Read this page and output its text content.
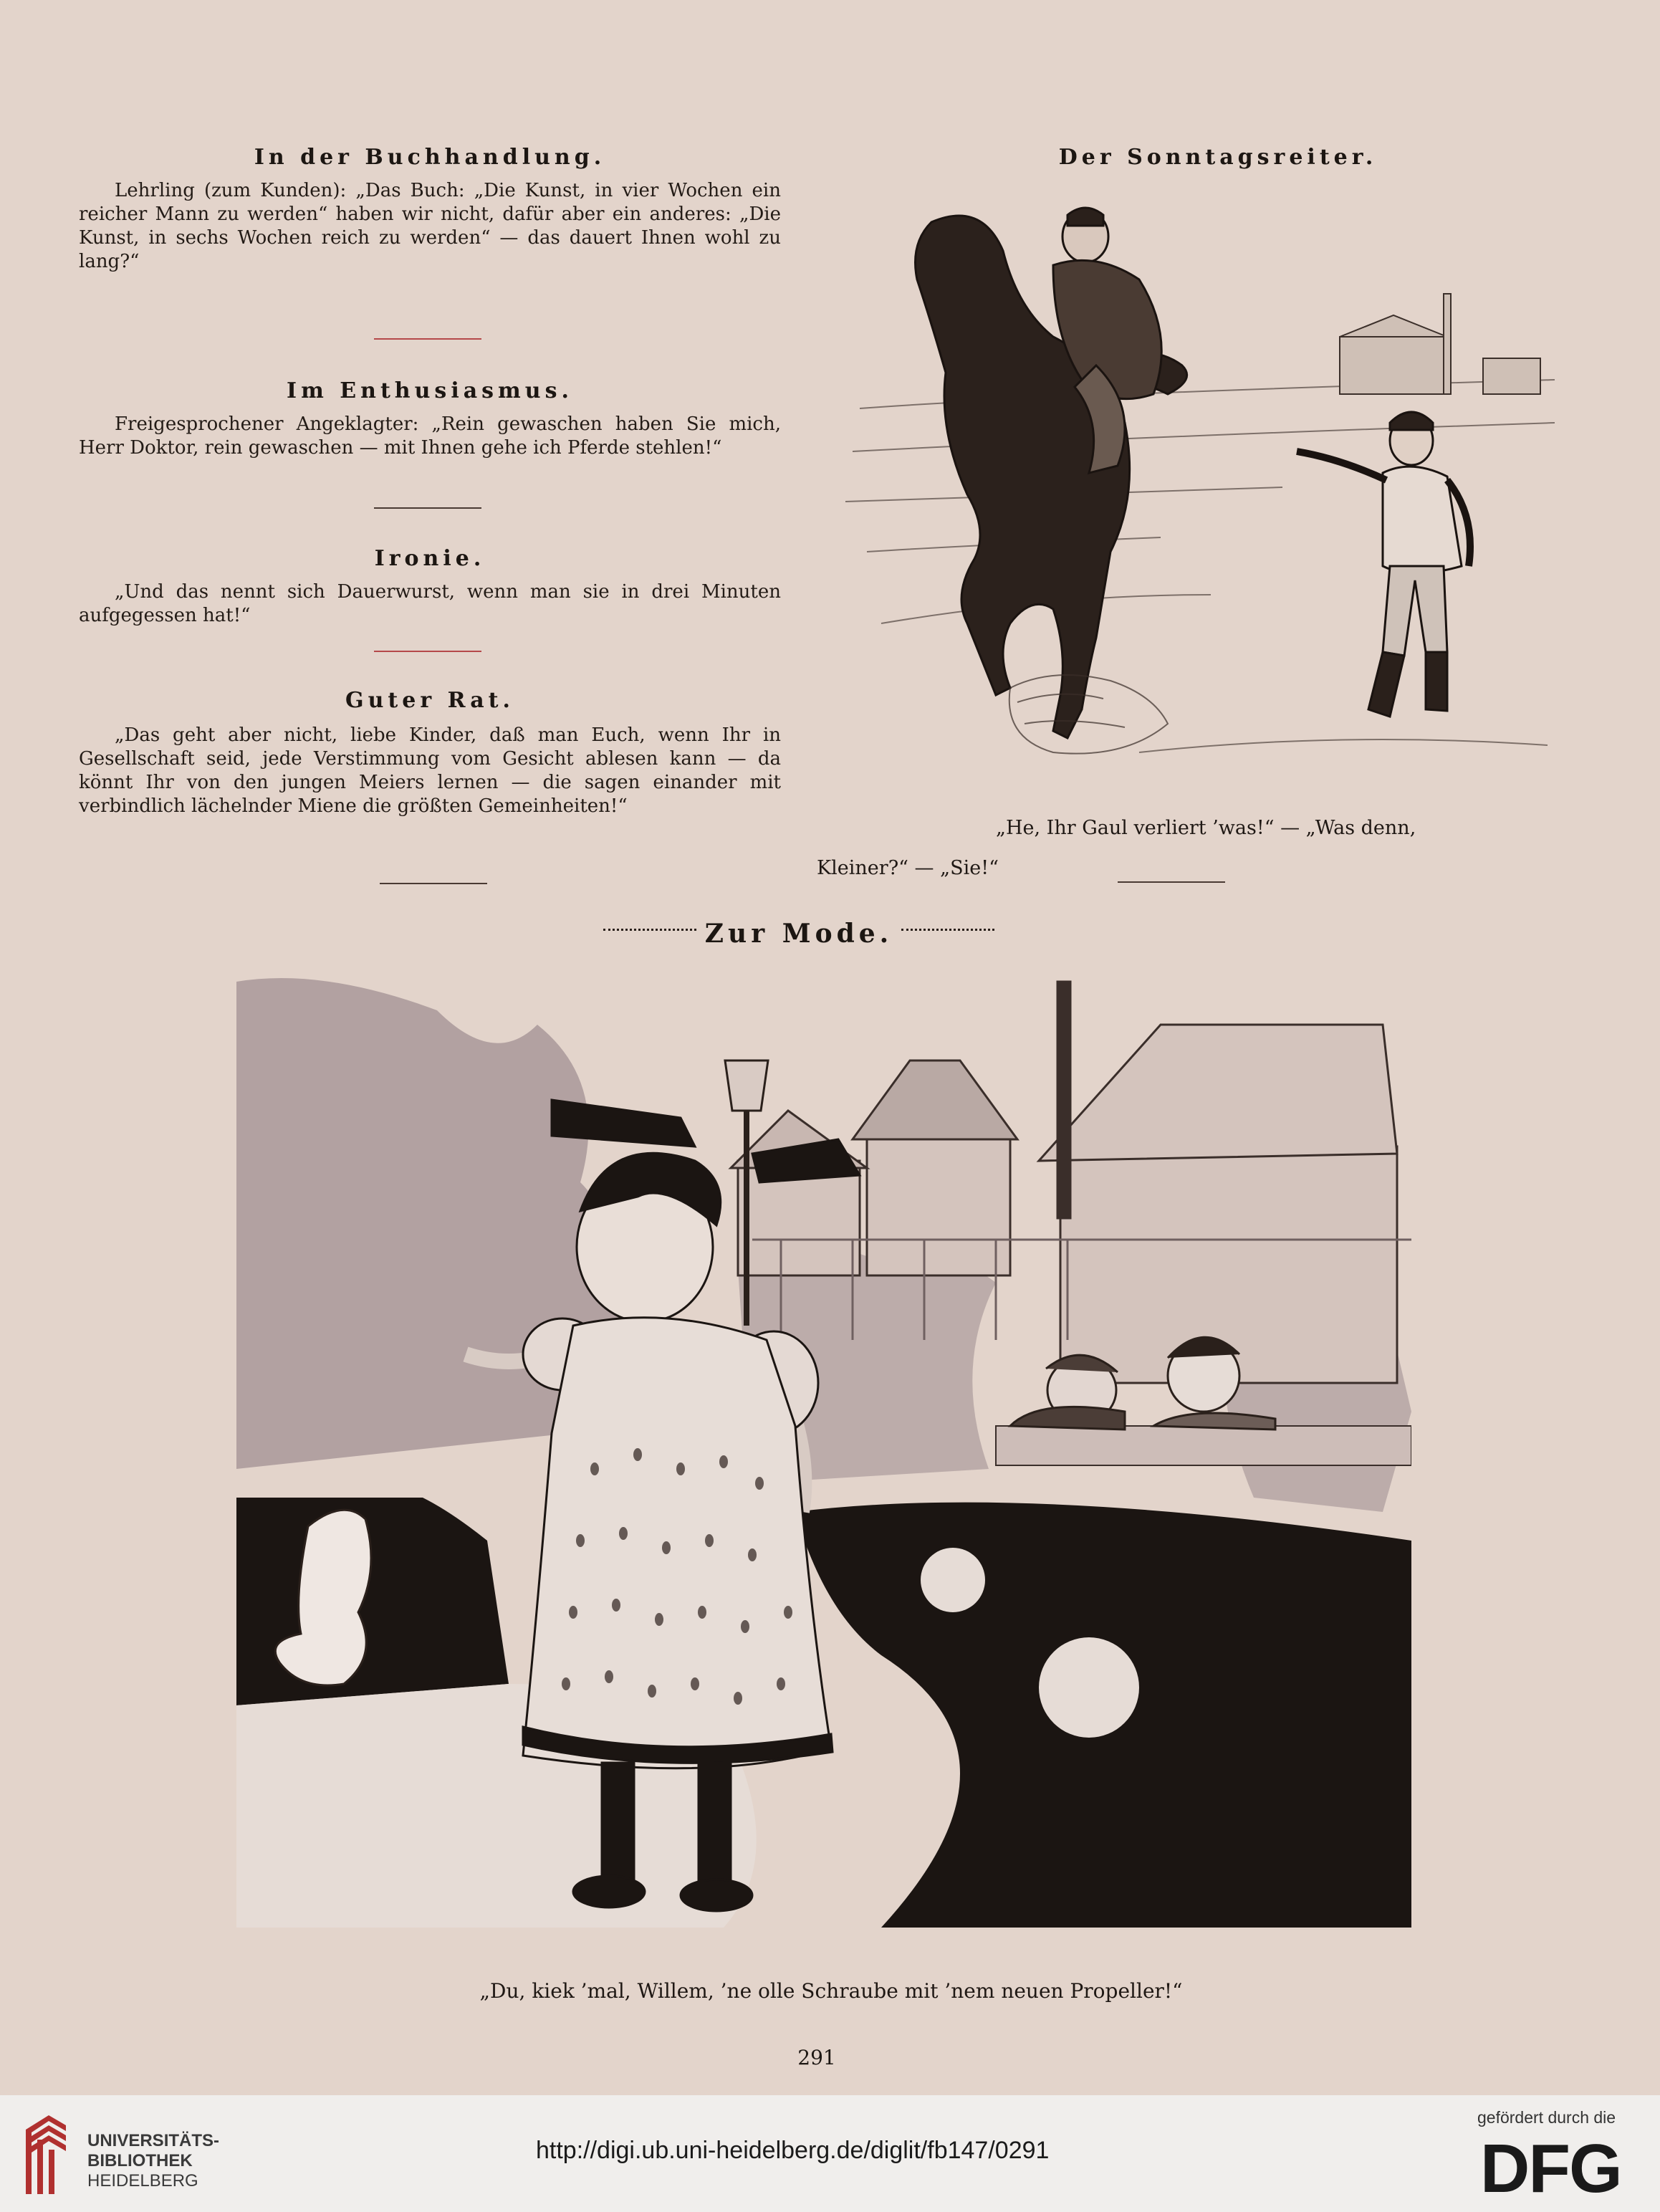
In der Buchhandlung.
Lehrling (zum Kunden): „Das Buch: „Die Kunst, in vier Wochen ein reicher Mann zu werden“ haben wir nicht, dafür aber ein anderes: „Die Kunst, in sechs Wochen reich zu werden“ — das dauert Ihnen wohl zu lang?“
Im Enthusiasmus.
Freigesprochener Angeklagter: „Rein gewaschen haben Sie mich, Herr Doktor, rein gewaschen — mit Ihnen gehe ich Pferde stehlen!“
Ironie.
„Und das nennt sich Dauerwurst, wenn man sie in drei Minuten aufgegessen hat!“
Guter Rat.
„Das geht aber nicht, liebe Kinder, daß man Euch, wenn Ihr in Gesellschaft seid, jede Verstimmung vom Gesicht ablesen kann — da könnt Ihr von den jungen Meiers lernen — die sagen einander mit verbindlich lächelnder Miene die größten Gemeinheiten!“
Der Sonntagsreiter.
„He, Ihr Gaul verliert ’was!“ — „Was denn,
Kleiner?“ — „Sie!“
Zur Mode.
„Du, kiek ’mal, Willem, ’ne olle Schraube mit ’nem neuen Propeller!“
291
UNIVERSITÄTS-
BIBLIOTHEK
HEIDELBERG
http://digi.ub.uni-heidelberg.de/diglit/fb147/0291
gefördert durch die
DFG
